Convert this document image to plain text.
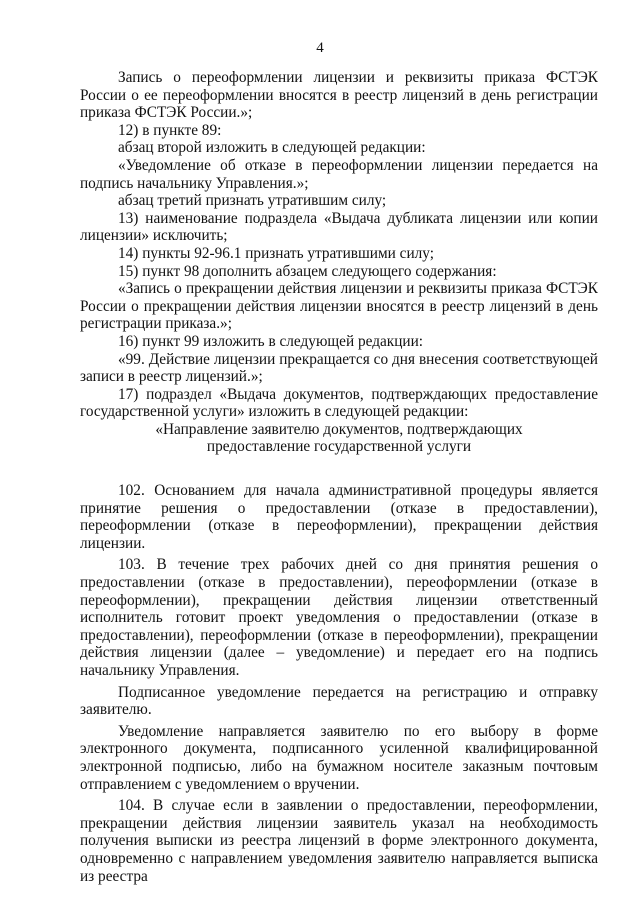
4

Запись о переоформлении лицензии и реквизиты приказа ФСТЭК России о ее переоформлении вносятся в реестр лицензий в день регистрации приказа ФСТЭК России.»;

12) в пункте 89:

абзац второй изложить в следующей редакции:

«Уведомление об отказе в переоформлении лицензии передается на подпись начальнику Управления.»;

абзац третий признать утратившим силу;

13) наименование подраздела «Выдача дубликата лицензии или копии лицензии» исключить;

14) пункты 92-96.1 признать утратившими силу;

15) пункт 98 дополнить абзацем следующего содержания:

«Запись о прекращении действия лицензии и реквизиты приказа ФСТЭК России о прекращении действия лицензии вносятся в реестр лицензий в день регистрации приказа.»;

16) пункт 99 изложить в следующей редакции:

«99. Действие лицензии прекращается со дня внесения соответствующей записи в реестр лицензий.»;

17) подраздел «Выдача документов, подтверждающих предоставление государственной услуги» изложить в следующей редакции:

«Направление заявителю документов, подтверждающих

предоставление государственной услуги

102. Основанием для начала административной процедуры является принятие решения о предоставлении (отказе в предоставлении), переоформлении (отказе в переоформлении), прекращении действия лицензии.

103. В течение трех рабочих дней со дня принятия решения о предоставлении (отказе в предоставлении), переоформлении (отказе в переоформлении), прекращении действия лицензии ответственный исполнитель готовит проект уведомления о предоставлении (отказе в предоставлении), переоформлении (отказе в переоформлении), прекращении действия лицензии (далее – уведомление) и передает его на подпись начальнику Управления.

Подписанное уведомление передается на регистрацию и отправку заявителю.

Уведомление направляется заявителю по его выбору в форме электронного документа, подписанного усиленной квалифицированной электронной подписью, либо на бумажном носителе заказным почтовым отправлением с уведомлением о вручении.

104. В случае если в заявлении о предоставлении, переоформлении, прекращении действия лицензии заявитель указал на необходимость получения выписки из реестра лицензий в форме электронного документа, одновременно с направлением уведомления заявителю направляется выписка из реестра
